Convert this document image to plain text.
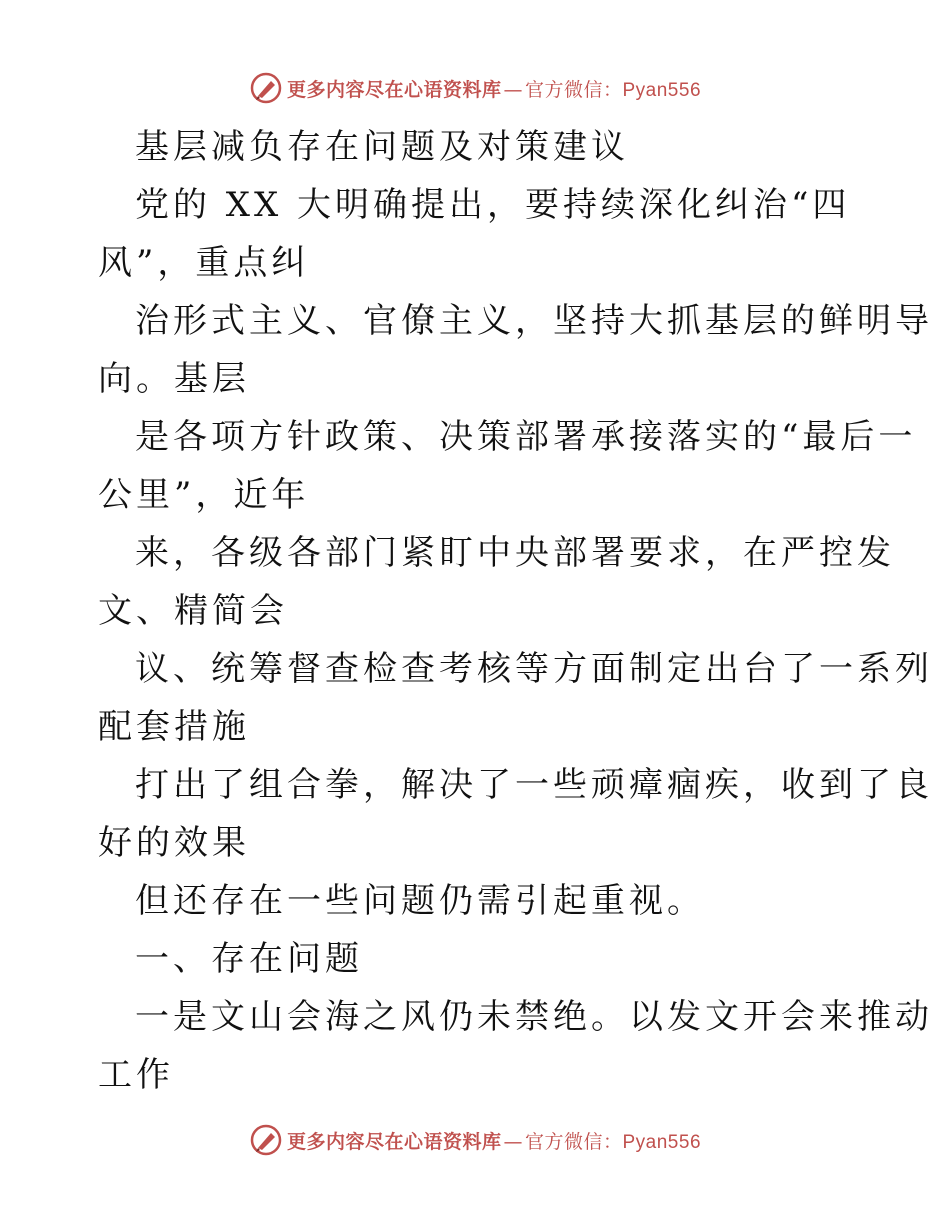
更多内容尽在心语资料库 — 官方微信：Pyan556
基层减负存在问题及对策建议
党的 XX 大明确提出，要持续深化纠治“四
风”，重点纠
治形式主义、官僚主义，坚持大抓基层的鲜明导
向。基层
是各项方针政策、决策部署承接落实的“最后一
公里”，近年
来，各级各部门紧盯中央部署要求，在严控发
文、精简会
议、统筹督查检查考核等方面制定出台了一系列
配套措施
打出了组合拳，解决了一些顽瘴痼疾，收到了良
好的效果
但还存在一些问题仍需引起重视。
一、存在问题
一是文山会海之风仍未禁绝。以发文开会来推动
工作
更多内容尽在心语资料库 — 官方微信：Pyan556
